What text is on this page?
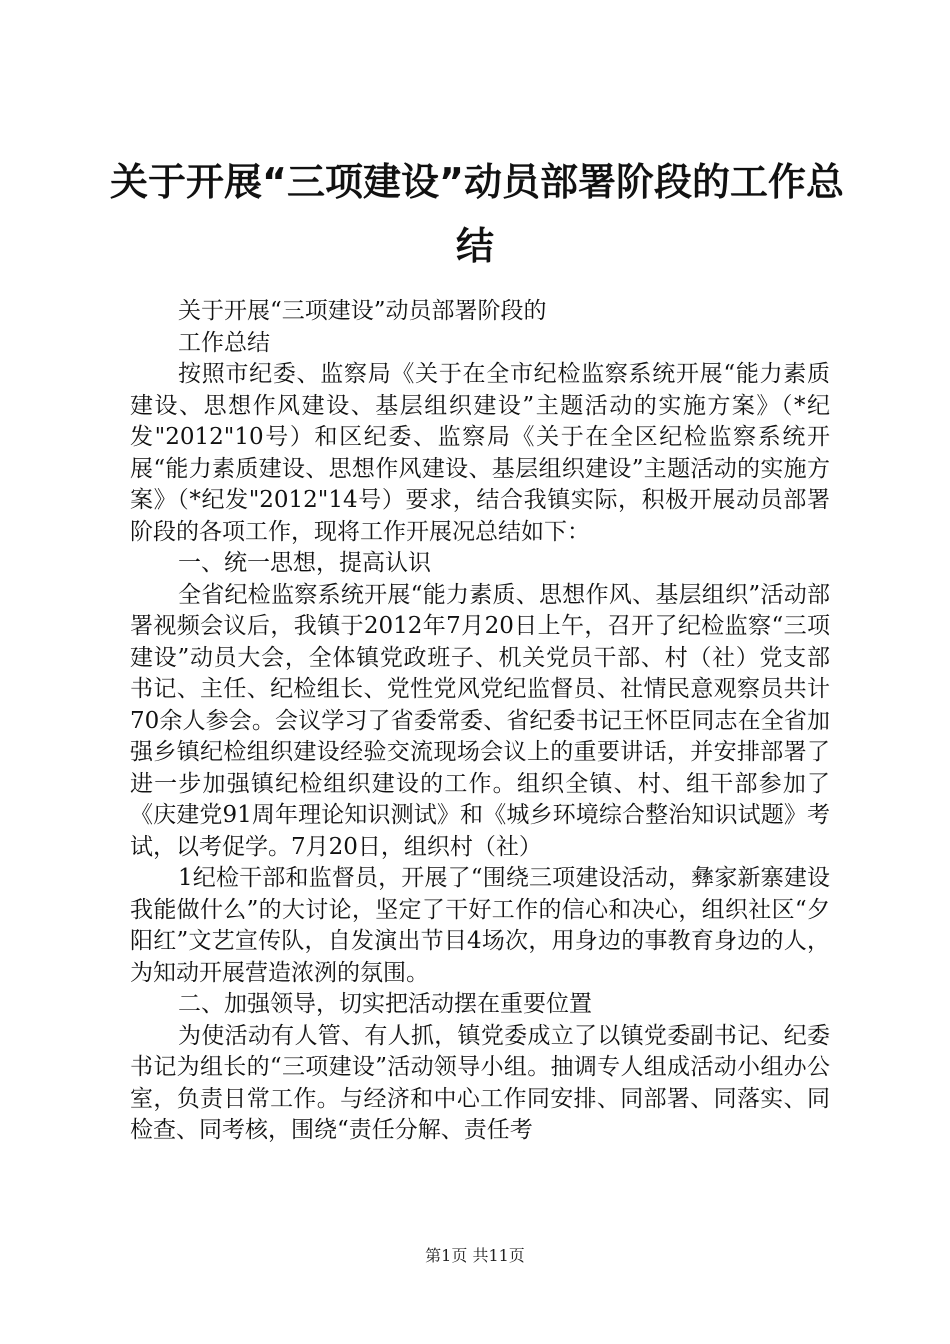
关于开展“三项建设”动员部署阶段的工作总
结

关于开展“三项建设”动员部署阶段的

工作总结

按照市纪委、监察局《关于在全市纪检监察系统开展“能力素质建设、思想作风建设、基层组织建设”主题活动的实施方案》（*纪发"2012"10号）和区纪委、监察局《关于在全区纪检监察系统开展“能力素质建设、思想作风建设、基层组织建设”主题活动的实施方案》（*纪发"2012"14号）要求，结合我镇实际，积极开展动员部署阶段的各项工作，现将工作开展况总结如下：

一、统一思想，提高认识

全省纪检监察系统开展“能力素质、思想作风、基层组织”活动部署视频会议后，我镇于2012年7月20日上午，召开了纪检监察“三项建设”动员大会，全体镇党政班子、机关党员干部、村（社）党支部书记、主任、纪检组长、党性党风党纪监督员、社情民意观察员共计70余人参会。会议学习了省委常委、省纪委书记王怀臣同志在全省加强乡镇纪检组织建设经验交流现场会议上的重要讲话，并安排部署了进一步加强镇纪检组织建设的工作。组织全镇、村、组干部参加了《庆建党91周年理论知识测试》和《城乡环境综合整治知识试题》考试，以考促学。7月20日，组织村（社）

1纪检干部和监督员，开展了“围绕三项建设活动，彝家新寨建设我能做什么”的大讨论，坚定了干好工作的信心和决心，组织社区“夕阳红”文艺宣传队，自发演出节目4场次，用身边的事教育身边的人，为知动开展营造浓洌的氛围。

二、加强领导，切实把活动摆在重要位置

为使活动有人管、有人抓，镇党委成立了以镇党委副书记、纪委书记为组长的“三项建设”活动领导小组。抽调专人组成活动小组办公室，负责日常工作。与经济和中心工作同安排、同部署、同落实、同检查、同考核，围绕“责任分解、责任考

第1页 共11页
